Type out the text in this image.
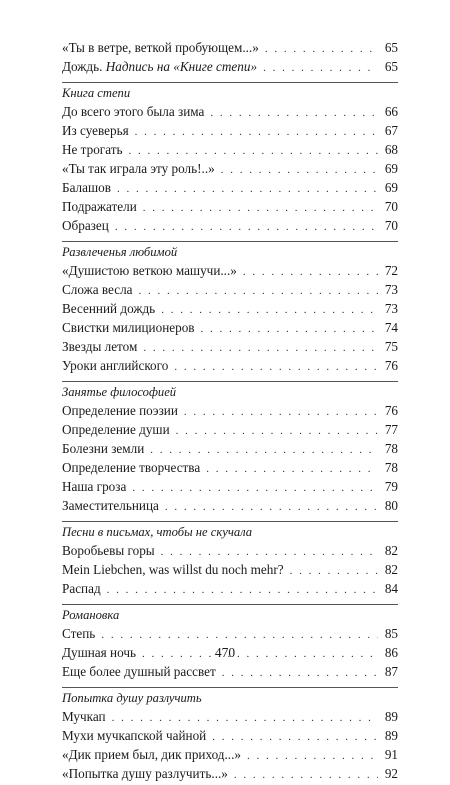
«Ты в ветре, веткой пробующем...» . . .	65
Дождь. Надпись на «Книге степи» . . .	65
Книга степи
До всего этого была зима . . .	66
Из суеверья . . .	67
Не трогать . . .	68
«Ты так играла эту роль!..» . . .	69
Балашов . . .	69
Подражатели . . .	70
Образец . . .	70
Развлеченья любимой
«Душистою веткою машучи...» . . .	72
Сложа весла . . .	73
Весенний дождь . . .	73
Свистки милиционеров . . .	74
Звезды летом . . .	75
Уроки английского . . .	76
Занятье философией
Определение поэзии . . .	76
Определение души . . .	77
Болезни земли . . .	78
Определение творчества . . .	78
Наша гроза . . .	79
Заместительница . . .	80
Песни в письмах, чтобы не скучала
Воробьевы горы . . .	82
Mein Liebchen, was willst du noch mehr? . . .	82
Распад . . .	84
Романовка
Степь . . .	85
Душная ночь . . .	86
Еще более душный рассвет . . .	87
Попытка душу разлучить
Мучкап . . .	89
Мухи мучкапской чайной . . .	89
«Дик прием был, дик приход...» . . .	91
«Попытка душу разлучить...» . . .	92
470
